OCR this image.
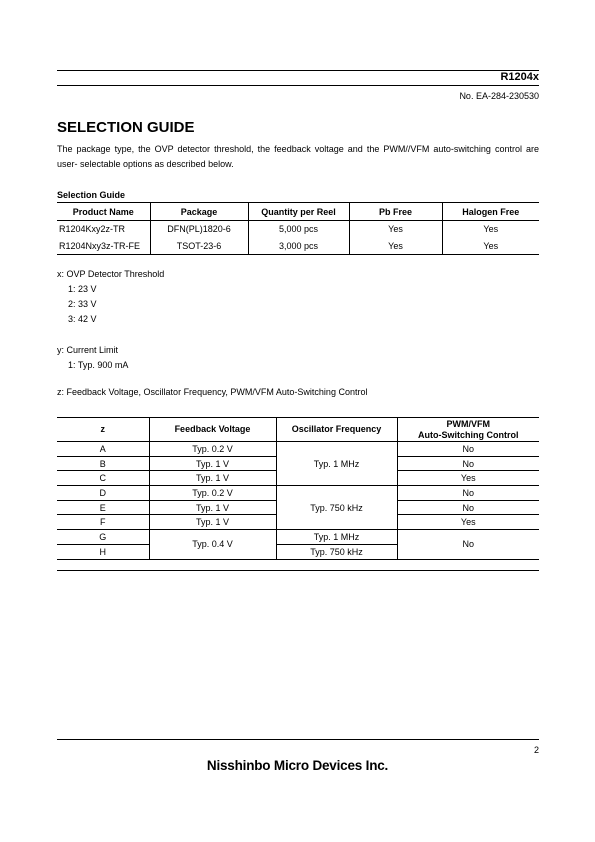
R1204x
No. EA-284-230530
SELECTION GUIDE
The package type, the OVP detector threshold, the feedback voltage and the PWM//VFM auto-switching control are user- selectable options as described below.
Selection Guide
Product Name	Package	Quantity per Reel	Pb Free	Halogen Free
R1204Kxy2z-TR	DFN(PL)1820-6	5,000 pcs	Yes	Yes
R1204Nxy3z-TR-FE	TSOT-23-6	3,000 pcs	Yes	Yes
x: OVP Detector Threshold
1: 23 V
2: 33 V
3: 42 V
y: Current Limit
1: Typ. 900 mA
z: Feedback Voltage, Oscillator Frequency, PWM/VFM Auto-Switching Control
z	Feedback Voltage	Oscillator Frequency	PWM/VFM
Auto-Switching Control

A	Typ. 0.2 V	Typ. 1 MHz	No
B	Typ. 1 V		No
C	Typ. 1 V		Yes
D	Typ. 0.2 V	Typ. 750 kHz	No
E	Typ. 1 V		No
F	Typ. 1 V		Yes
G	Typ. 0.4 V	Typ. 1 MHz	No
H		Typ. 750 kHz	
2
Nisshinbo Micro Devices Inc.
